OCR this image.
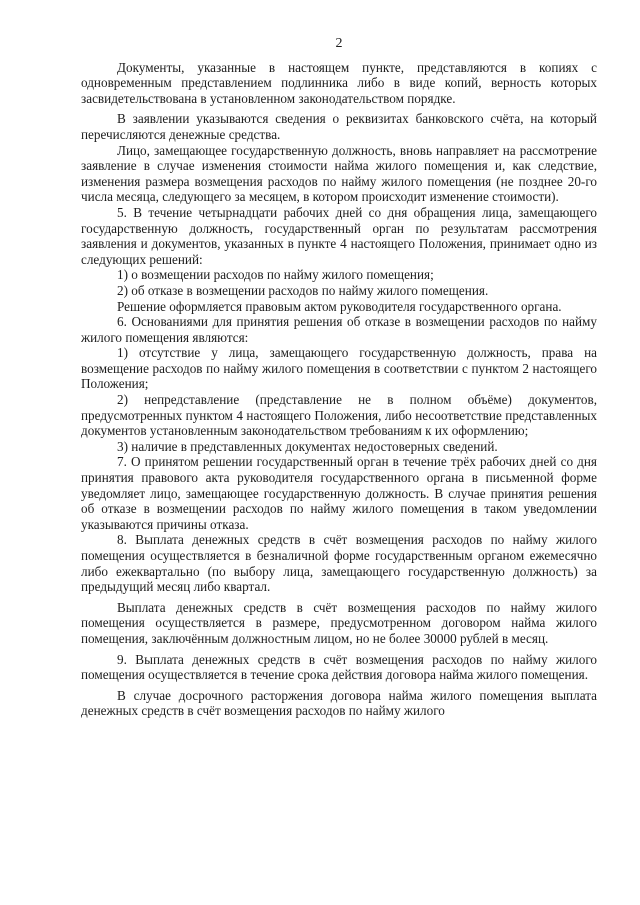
2

Документы, указанные в настоящем пункте, представляются в копиях с одновременным представлением подлинника либо в виде копий, верность которых засвидетельствована в установленном законодательством порядке.

В заявлении указываются сведения о реквизитах банковского счёта, на который перечисляются денежные средства.

Лицо, замещающее государственную должность, вновь направляет на рассмотрение заявление в случае изменения стоимости найма жилого помещения и, как следствие, изменения размера возмещения расходов по найму жилого помещения (не позднее 20-го числа месяца, следующего за месяцем, в котором происходит изменение стоимости).

5. В течение четырнадцати рабочих дней со дня обращения лица, замещающего государственную должность, государственный орган по результатам рассмотрения заявления и документов, указанных в пункте 4 настоящего Положения, принимает одно из следующих решений:

1) о возмещении расходов по найму жилого помещения;

2) об отказе в возмещении расходов по найму жилого помещения.

Решение оформляется правовым актом руководителя государственного органа.

6. Основаниями для принятия решения об отказе в возмещении расходов по найму жилого помещения являются:

1) отсутствие у лица, замещающего государственную должность, права на возмещение расходов по найму жилого помещения в соответствии с пунктом 2 настоящего Положения;

2) непредставление (представление не в полном объёме) документов, предусмотренных пунктом 4 настоящего Положения, либо несоответствие представленных документов установленным законодательством требованиям к их оформлению;

3) наличие в представленных документах недостоверных сведений.

7. О принятом решении государственный орган в течение трёх рабочих дней со дня принятия правового акта руководителя государственного органа в письменной форме уведомляет лицо, замещающее государственную должность. В случае принятия решения об отказе в возмещении расходов по найму жилого помещения в таком уведомлении указываются причины отказа.

8. Выплата денежных средств в счёт возмещения расходов по найму жилого помещения осуществляется в безналичной форме государственным органом ежемесячно либо ежеквартально (по выбору лица, замещающего государственную должность) за предыдущий месяц либо квартал.

Выплата денежных средств в счёт возмещения расходов по найму жилого помещения осуществляется в размере, предусмотренном договором найма жилого помещения, заключённым должностным лицом, но не более 30000 рублей в месяц.

9. Выплата денежных средств в счёт возмещения расходов по найму жилого помещения осуществляется в течение срока действия договора найма жилого помещения.

В случае досрочного расторжения договора найма жилого помещения выплата денежных средств в счёт возмещения расходов по найму жилого
